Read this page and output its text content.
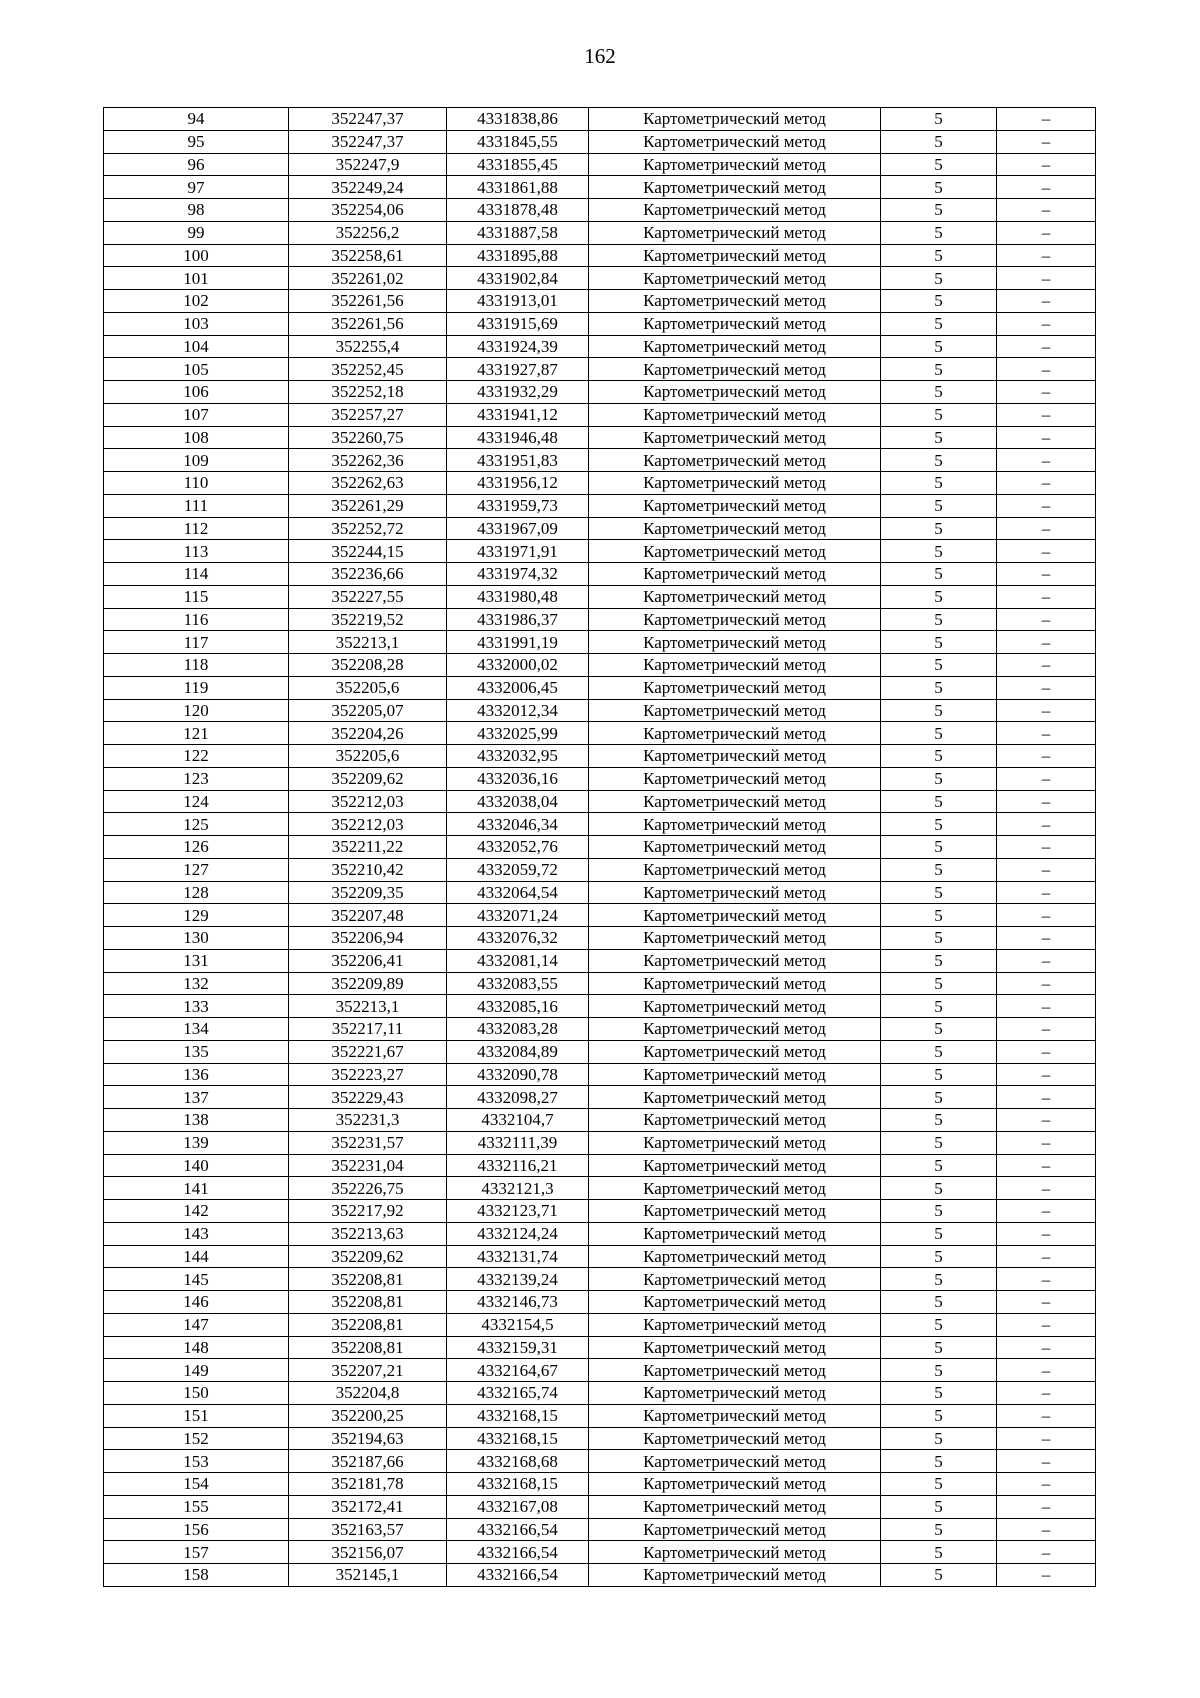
162
94	352247,37	4331838,86	Картометрический метод	5	–
95	352247,37	4331845,55	Картометрический метод	5	–
96	352247,9	4331855,45	Картометрический метод	5	–
97	352249,24	4331861,88	Картометрический метод	5	–
98	352254,06	4331878,48	Картометрический метод	5	–
99	352256,2	4331887,58	Картометрический метод	5	–
100	352258,61	4331895,88	Картометрический метод	5	–
101	352261,02	4331902,84	Картометрический метод	5	–
102	352261,56	4331913,01	Картометрический метод	5	–
103	352261,56	4331915,69	Картометрический метод	5	–
104	352255,4	4331924,39	Картометрический метод	5	–
105	352252,45	4331927,87	Картометрический метод	5	–
106	352252,18	4331932,29	Картометрический метод	5	–
107	352257,27	4331941,12	Картометрический метод	5	–
108	352260,75	4331946,48	Картометрический метод	5	–
109	352262,36	4331951,83	Картометрический метод	5	–
110	352262,63	4331956,12	Картометрический метод	5	–
111	352261,29	4331959,73	Картометрический метод	5	–
112	352252,72	4331967,09	Картометрический метод	5	–
113	352244,15	4331971,91	Картометрический метод	5	–
114	352236,66	4331974,32	Картометрический метод	5	–
115	352227,55	4331980,48	Картометрический метод	5	–
116	352219,52	4331986,37	Картометрический метод	5	–
117	352213,1	4331991,19	Картометрический метод	5	–
118	352208,28	4332000,02	Картометрический метод	5	–
119	352205,6	4332006,45	Картометрический метод	5	–
120	352205,07	4332012,34	Картометрический метод	5	–
121	352204,26	4332025,99	Картометрический метод	5	–
122	352205,6	4332032,95	Картометрический метод	5	–
123	352209,62	4332036,16	Картометрический метод	5	–
124	352212,03	4332038,04	Картометрический метод	5	–
125	352212,03	4332046,34	Картометрический метод	5	–
126	352211,22	4332052,76	Картометрический метод	5	–
127	352210,42	4332059,72	Картометрический метод	5	–
128	352209,35	4332064,54	Картометрический метод	5	–
129	352207,48	4332071,24	Картометрический метод	5	–
130	352206,94	4332076,32	Картометрический метод	5	–
131	352206,41	4332081,14	Картометрический метод	5	–
132	352209,89	4332083,55	Картометрический метод	5	–
133	352213,1	4332085,16	Картометрический метод	5	–
134	352217,11	4332083,28	Картометрический метод	5	–
135	352221,67	4332084,89	Картометрический метод	5	–
136	352223,27	4332090,78	Картометрический метод	5	–
137	352229,43	4332098,27	Картометрический метод	5	–
138	352231,3	4332104,7	Картометрический метод	5	–
139	352231,57	4332111,39	Картометрический метод	5	–
140	352231,04	4332116,21	Картометрический метод	5	–
141	352226,75	4332121,3	Картометрический метод	5	–
142	352217,92	4332123,71	Картометрический метод	5	–
143	352213,63	4332124,24	Картометрический метод	5	–
144	352209,62	4332131,74	Картометрический метод	5	–
145	352208,81	4332139,24	Картометрический метод	5	–
146	352208,81	4332146,73	Картометрический метод	5	–
147	352208,81	4332154,5	Картометрический метод	5	–
148	352208,81	4332159,31	Картометрический метод	5	–
149	352207,21	4332164,67	Картометрический метод	5	–
150	352204,8	4332165,74	Картометрический метод	5	–
151	352200,25	4332168,15	Картометрический метод	5	–
152	352194,63	4332168,15	Картометрический метод	5	–
153	352187,66	4332168,68	Картометрический метод	5	–
154	352181,78	4332168,15	Картометрический метод	5	–
155	352172,41	4332167,08	Картометрический метод	5	–
156	352163,57	4332166,54	Картометрический метод	5	–
157	352156,07	4332166,54	Картометрический метод	5	–
158	352145,1	4332166,54	Картометрический метод	5	–
